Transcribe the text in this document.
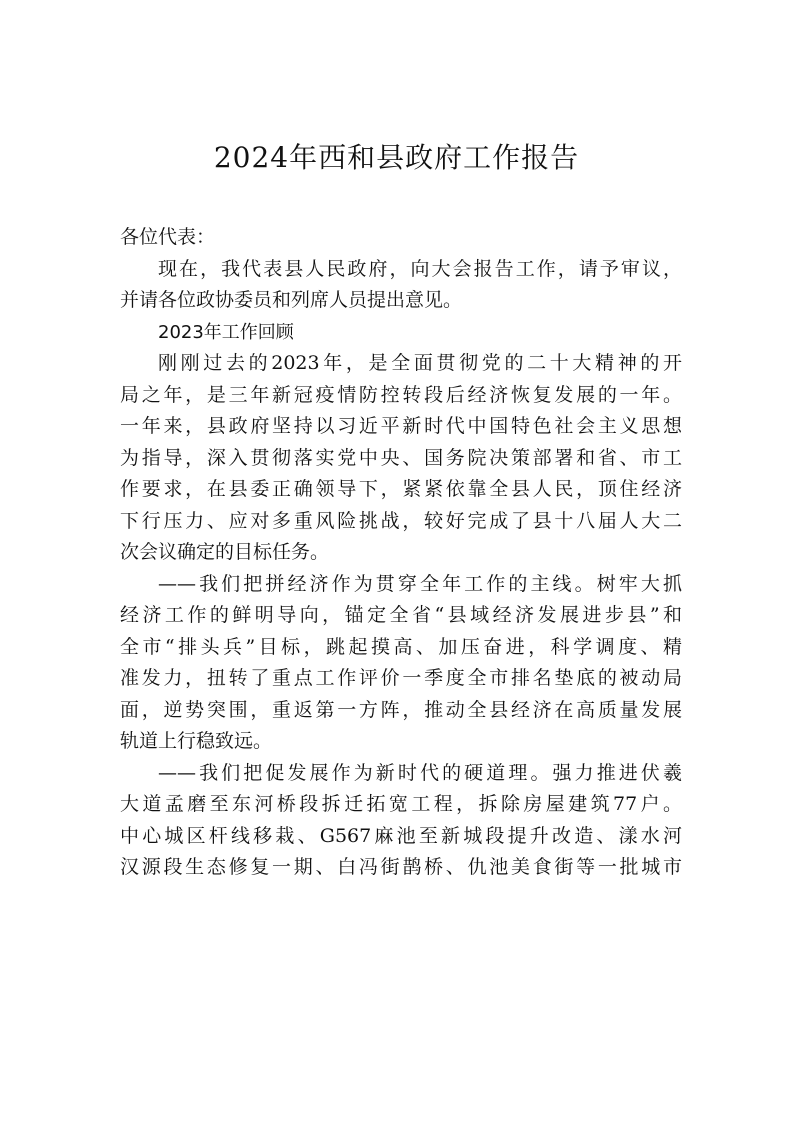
2024年西和县政府工作报告
各位代表：
现在，我代表县人民政府，向大会报告工作，请予审议，
并请各位政协委员和列席人员提出意见。
2023年工作回顾
刚刚过去的2023年，是全面贯彻党的二十大精神的开
局之年，是三年新冠疫情防控转段后经济恢复发展的一年。
一年来，县政府坚持以习近平新时代中国特色社会主义思想
为指导，深入贯彻落实党中央、国务院决策部署和省、市工
作要求，在县委正确领导下，紧紧依靠全县人民，顶住经济
下行压力、应对多重风险挑战，较好完成了县十八届人大二
次会议确定的目标任务。
——我们把拼经济作为贯穿全年工作的主线。树牢大抓
经济工作的鲜明导向，锚定全省“县域经济发展进步县”和
全市“排头兵”目标，跳起摸高、加压奋进，科学调度、精
准发力，扭转了重点工作评价一季度全市排名垫底的被动局
面，逆势突围，重返第一方阵，推动全县经济在高质量发展
轨道上行稳致远。
——我们把促发展作为新时代的硬道理。强力推进伏羲
大道孟磨至东河桥段拆迁拓宽工程，拆除房屋建筑77户。
中心城区杆线移栽、G567麻池至新城段提升改造、漾水河
汉源段生态修复一期、白冯街鹊桥、仇池美食街等一批城市
